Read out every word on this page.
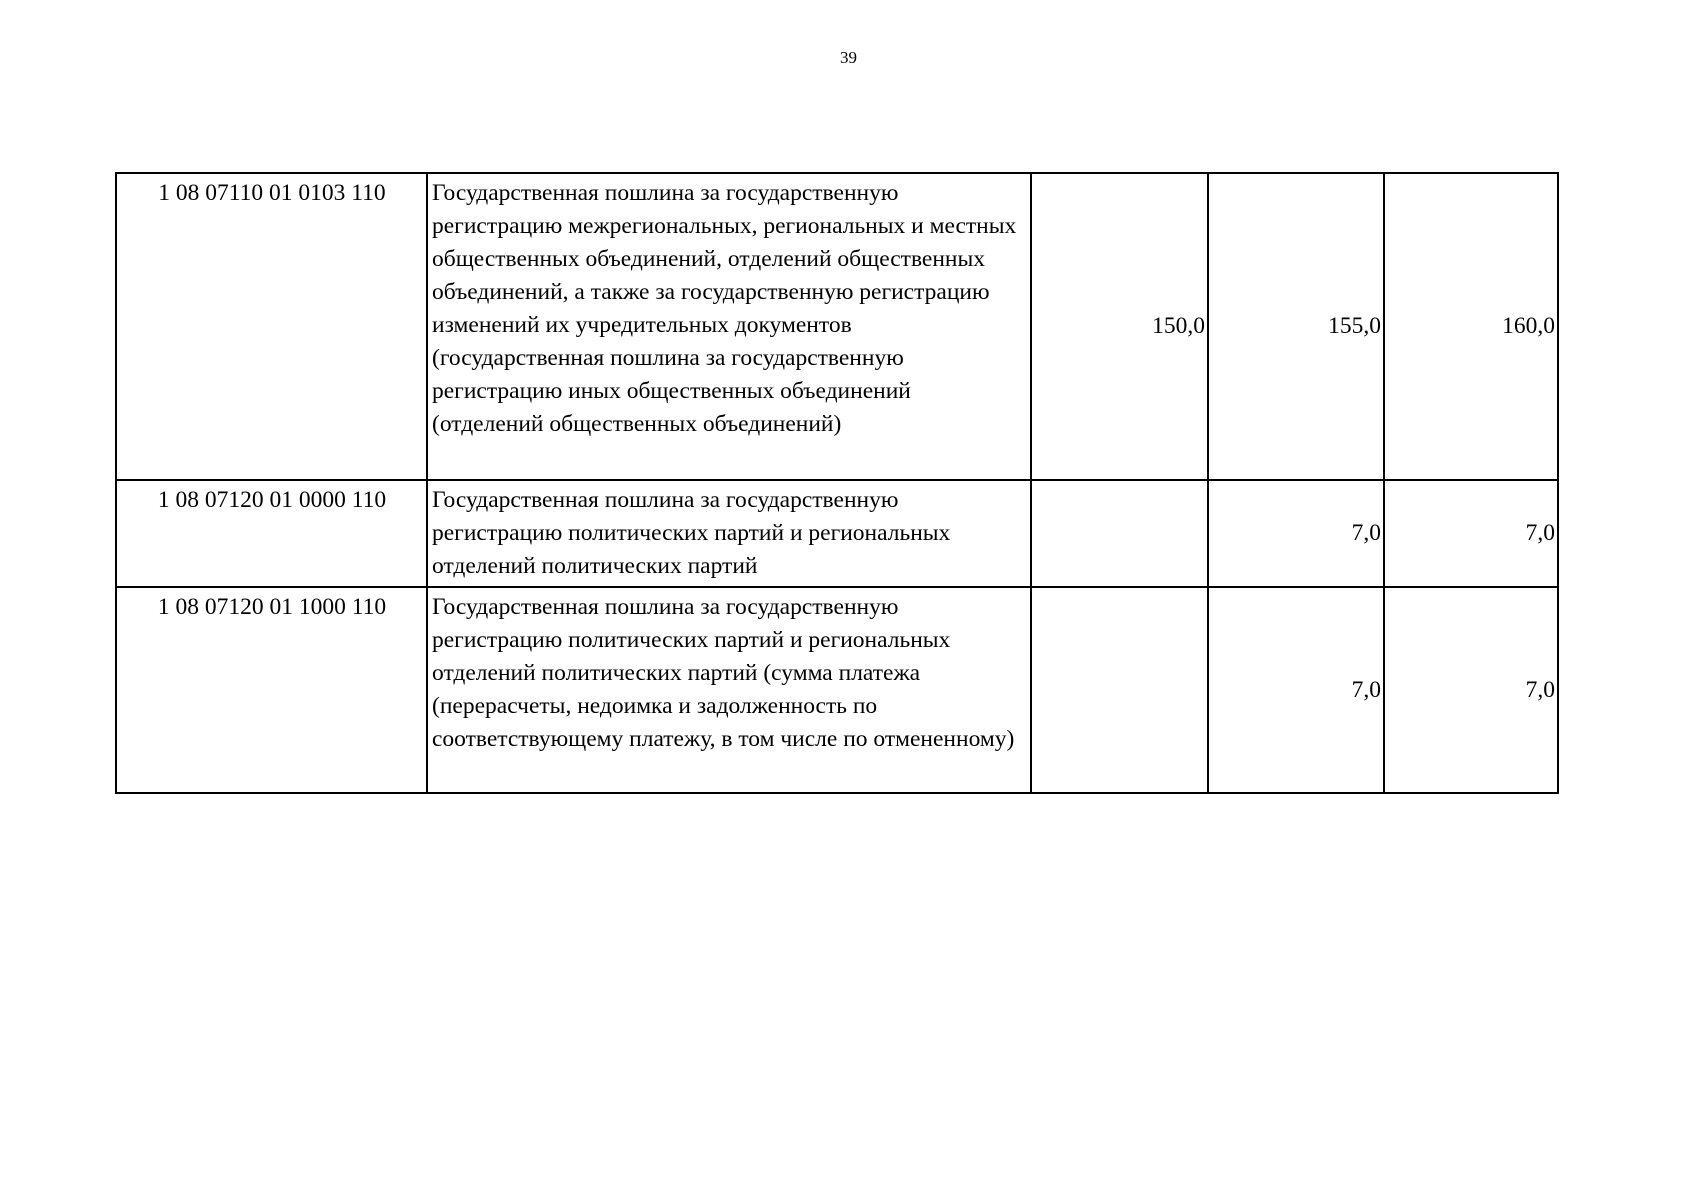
39
1 08 07110 01 0103 110	Государственная пошлина за государственную регистрацию межрегиональных, региональных и местных общественных объединений, отделений общественных объединений, а также за государственную регистрацию изменений их учредительных документов (государственная пошлина за государственную регистрацию иных общественных объединений (отделений общественных объединений)	150,0	155,0	160,0
1 08 07120 01 0000 110	Государственная пошлина за государственную регистрацию политических партий и региональных отделений политических партий		7,0	7,0
1 08 07120 01 1000 110	Государственная пошлина за государственную регистрацию политических партий и региональных отделений политических партий (сумма платежа (перерасчеты, недоимка и задолженность по соответствующему платежу, в том числе по отмененному)		7,0	7,0
